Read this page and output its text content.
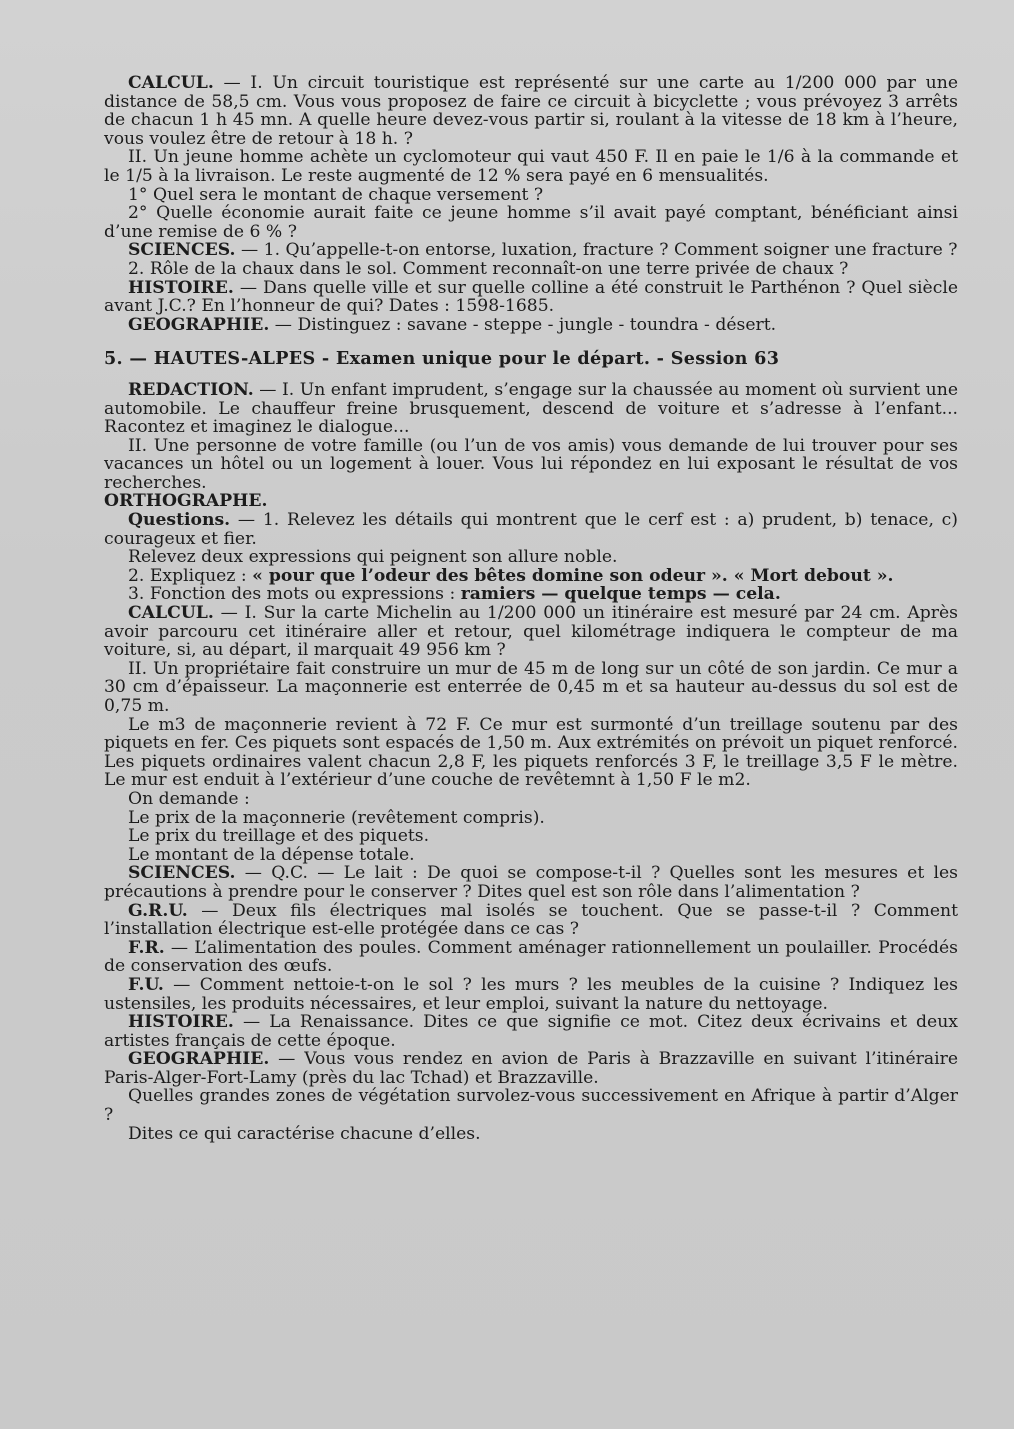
CALCUL. — I. Un circuit touristique est représenté sur une carte au 1/200 000 par une distance de 58,5 cm. Vous vous proposez de faire ce circuit à bicyclette ; vous prévoyez 3 arrêts de chacun 1 h 45 mn. A quelle heure devez-vous partir si, roulant à la vitesse de 18 km à l’heure, vous voulez être de retour à 18 h. ?

II. Un jeune homme achète un cyclomoteur qui vaut 450 F. Il en paie le 1/6 à la commande et le 1/5 à la livraison. Le reste augmenté de 12 % sera payé en 6 mensualités.

1° Quel sera le montant de chaque versement ?

2° Quelle économie aurait faite ce jeune homme s’il avait payé comptant, bénéficiant ainsi d’une remise de 6 % ?

SCIENCES. — 1. Qu’appelle-t-on entorse, luxation, fracture ? Comment soigner une fracture ?

2. Rôle de la chaux dans le sol. Comment reconnaît-on une terre privée de chaux ?

HISTOIRE. — Dans quelle ville et sur quelle colline a été construit le Parthénon ? Quel siècle avant J.C.? En l’honneur de qui? Dates : 1598-1685.

GEOGRAPHIE. — Distinguez : savane - steppe - jungle - toundra - désert.

5. — HAUTES-ALPES - Examen unique pour le départ. - Session 63

REDACTION. — I. Un enfant imprudent, s’engage sur la chaussée au moment où survient une automobile. Le chauffeur freine brusquement, descend de voiture et s’adresse à l’enfant... Racontez et imaginez le dialogue...

II. Une personne de votre famille (ou l’un de vos amis) vous demande de lui trouver pour ses vacances un hôtel ou un logement à louer. Vous lui répondez en lui exposant le résultat de vos recherches.

ORTHOGRAPHE.

Questions. — 1. Relevez les détails qui montrent que le cerf est : a) prudent, b) tenace, c) courageux et fier.

Relevez deux expressions qui peignent son allure noble.

2. Expliquez : « pour que l’odeur des bêtes domine son odeur ». « Mort debout ».

3. Fonction des mots ou expressions : ramiers — quelque temps — cela.

CALCUL. — I. Sur la carte Michelin au 1/200 000 un itinéraire est mesuré par 24 cm. Après avoir parcouru cet itinéraire aller et retour, quel kilométrage indiquera le compteur de ma voiture, si, au départ, il marquait 49 956 km ?

II. Un propriétaire fait construire un mur de 45 m de long sur un côté de son jardin. Ce mur a 30 cm d’épaisseur. La maçonnerie est enterrée de 0,45 m et sa hauteur au-dessus du sol est de 0,75 m.

Le m3 de maçonnerie revient à 72 F. Ce mur est surmonté d’un treillage soutenu par des piquets en fer. Ces piquets sont espacés de 1,50 m. Aux extrémités on prévoit un piquet renforcé. Les piquets ordinaires valent chacun 2,8 F, les piquets renforcés 3 F, le treillage 3,5 F le mètre. Le mur est enduit à l’extérieur d’une couche de revêtemnt à 1,50 F le m2.

On demande :

Le prix de la maçonnerie (revêtement compris).

Le prix du treillage et des piquets.

Le montant de la dépense totale.

SCIENCES. — Q.C. — Le lait : De quoi se compose-t-il ? Quelles sont les mesures et les précautions à prendre pour le conserver ? Dites quel est son rôle dans l’alimentation ?

G.R.U. — Deux fils électriques mal isolés se touchent. Que se passe-t-il ? Comment l’installation électrique est-elle protégée dans ce cas ?

F.R. — L’alimentation des poules. Comment aménager rationnellement un poulailler. Procédés de conservation des œufs.

F.U. — Comment nettoie-t-on le sol ? les murs ? les meubles de la cuisine ? Indiquez les ustensiles, les produits nécessaires, et leur emploi, suivant la nature du nettoyage.

HISTOIRE. — La Renaissance. Dites ce que signifie ce mot. Citez deux écrivains et deux artistes français de cette époque.

GEOGRAPHIE. — Vous vous rendez en avion de Paris à Brazzaville en suivant l’itinéraire Paris-Alger-Fort-Lamy (près du lac Tchad) et Brazzaville.

Quelles grandes zones de végétation survolez-vous successivement en Afrique à partir d’Alger ?

Dites ce qui caractérise chacune d’elles.
